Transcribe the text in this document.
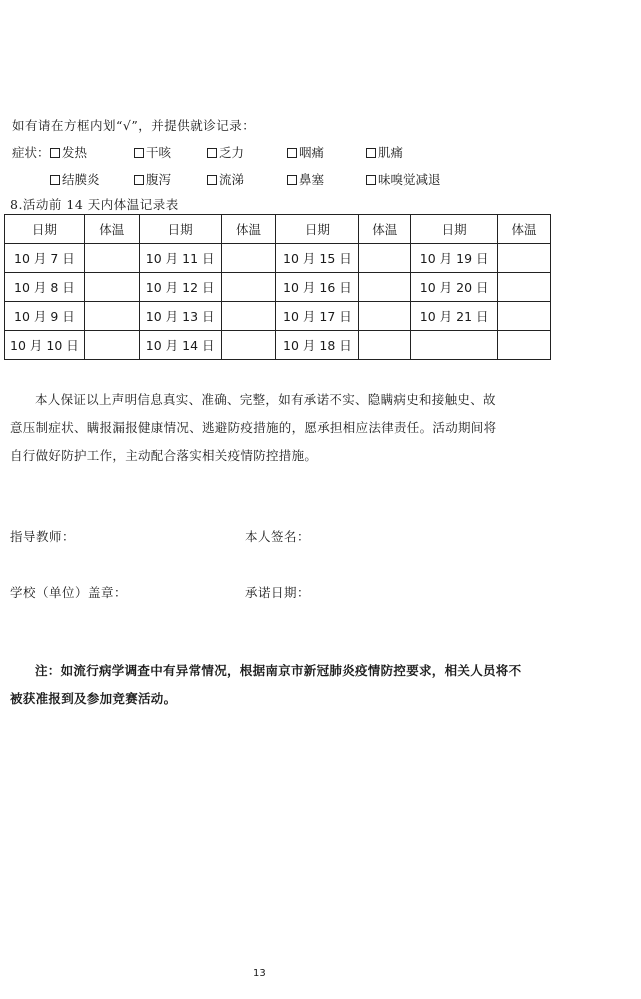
如有请在方框内划“√”，并提供就诊记录：
症状： 发热	干咳	乏力	咽痛	肌痛
结膜炎	腹泻	流涕	鼻塞	味嗅觉减退
8.活动前 14 天内体温记录表
日期	体温	日期	体温	日期	体温	日期	体温
10 月 7 日		10 月 11 日		10 月 15 日		10 月 19 日	
10 月 8 日		10 月 12 日		10 月 16 日		10 月 20 日	
10 月 9 日		10 月 13 日		10 月 17 日		10 月 21 日	
10 月 10 日		10 月 14 日		10 月 18 日			
本人保证以上声明信息真实、准确、完整，如有承诺不实、隐瞒病史和接触史、故
意压制症状、瞒报漏报健康情况、逃避防疫措施的，愿承担相应法律责任。活动期间将
自行做好防护工作，主动配合落实相关疫情防控措施。
指导教师：	本人签名：
学校（单位）盖章：	承诺日期：
注：如流行病学调查中有异常情况，根据南京市新冠肺炎疫情防控要求，相关人员将不
被获准报到及参加竞赛活动。
13
